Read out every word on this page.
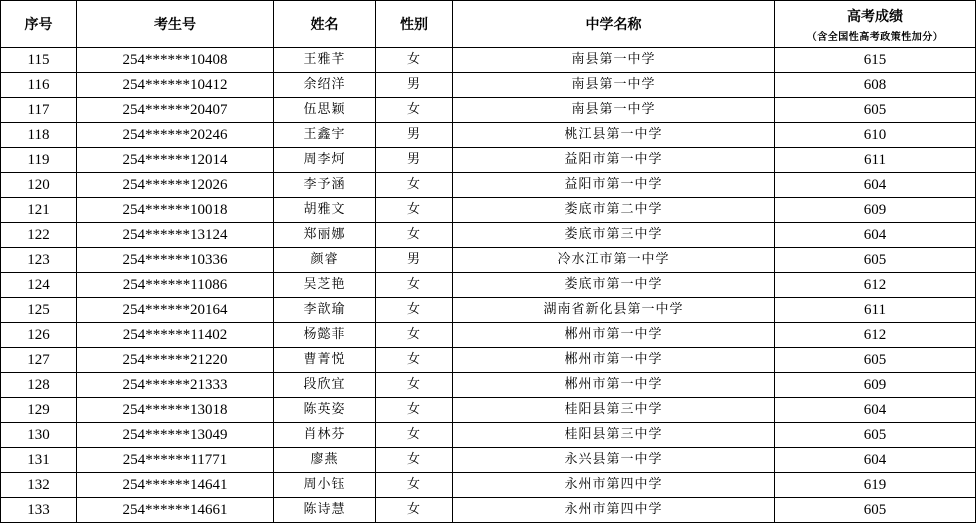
序号	考生号	姓名	性别	中学名称	高考成绩
（含全国性高考政策性加分）

115	254******10408	王雅芊	女	南县第一中学	615
116	254******10412	余绍洋	男	南县第一中学	608
117	254******20407	伍思颖	女	南县第一中学	605
118	254******20246	王鑫宇	男	桃江县第一中学	610
119	254******12014	周李炣	男	益阳市第一中学	611
120	254******12026	李予涵	女	益阳市第一中学	604
121	254******10018	胡雅文	女	娄底市第二中学	609
122	254******13124	郑丽娜	女	娄底市第三中学	604
123	254******10336	颜睿	男	冷水江市第一中学	605
124	254******11086	吴芝艳	女	娄底市第一中学	612
125	254******20164	李歆瑜	女	湖南省新化县第一中学	611
126	254******11402	杨懿菲	女	郴州市第一中学	612
127	254******21220	曹菁悦	女	郴州市第一中学	605
128	254******21333	段欣宜	女	郴州市第一中学	609
129	254******13018	陈英姿	女	桂阳县第三中学	604
130	254******13049	肖林芬	女	桂阳县第三中学	605
131	254******11771	廖燕	女	永兴县第一中学	604
132	254******14641	周小钰	女	永州市第四中学	619
133	254******14661	陈诗慧	女	永州市第四中学	605
